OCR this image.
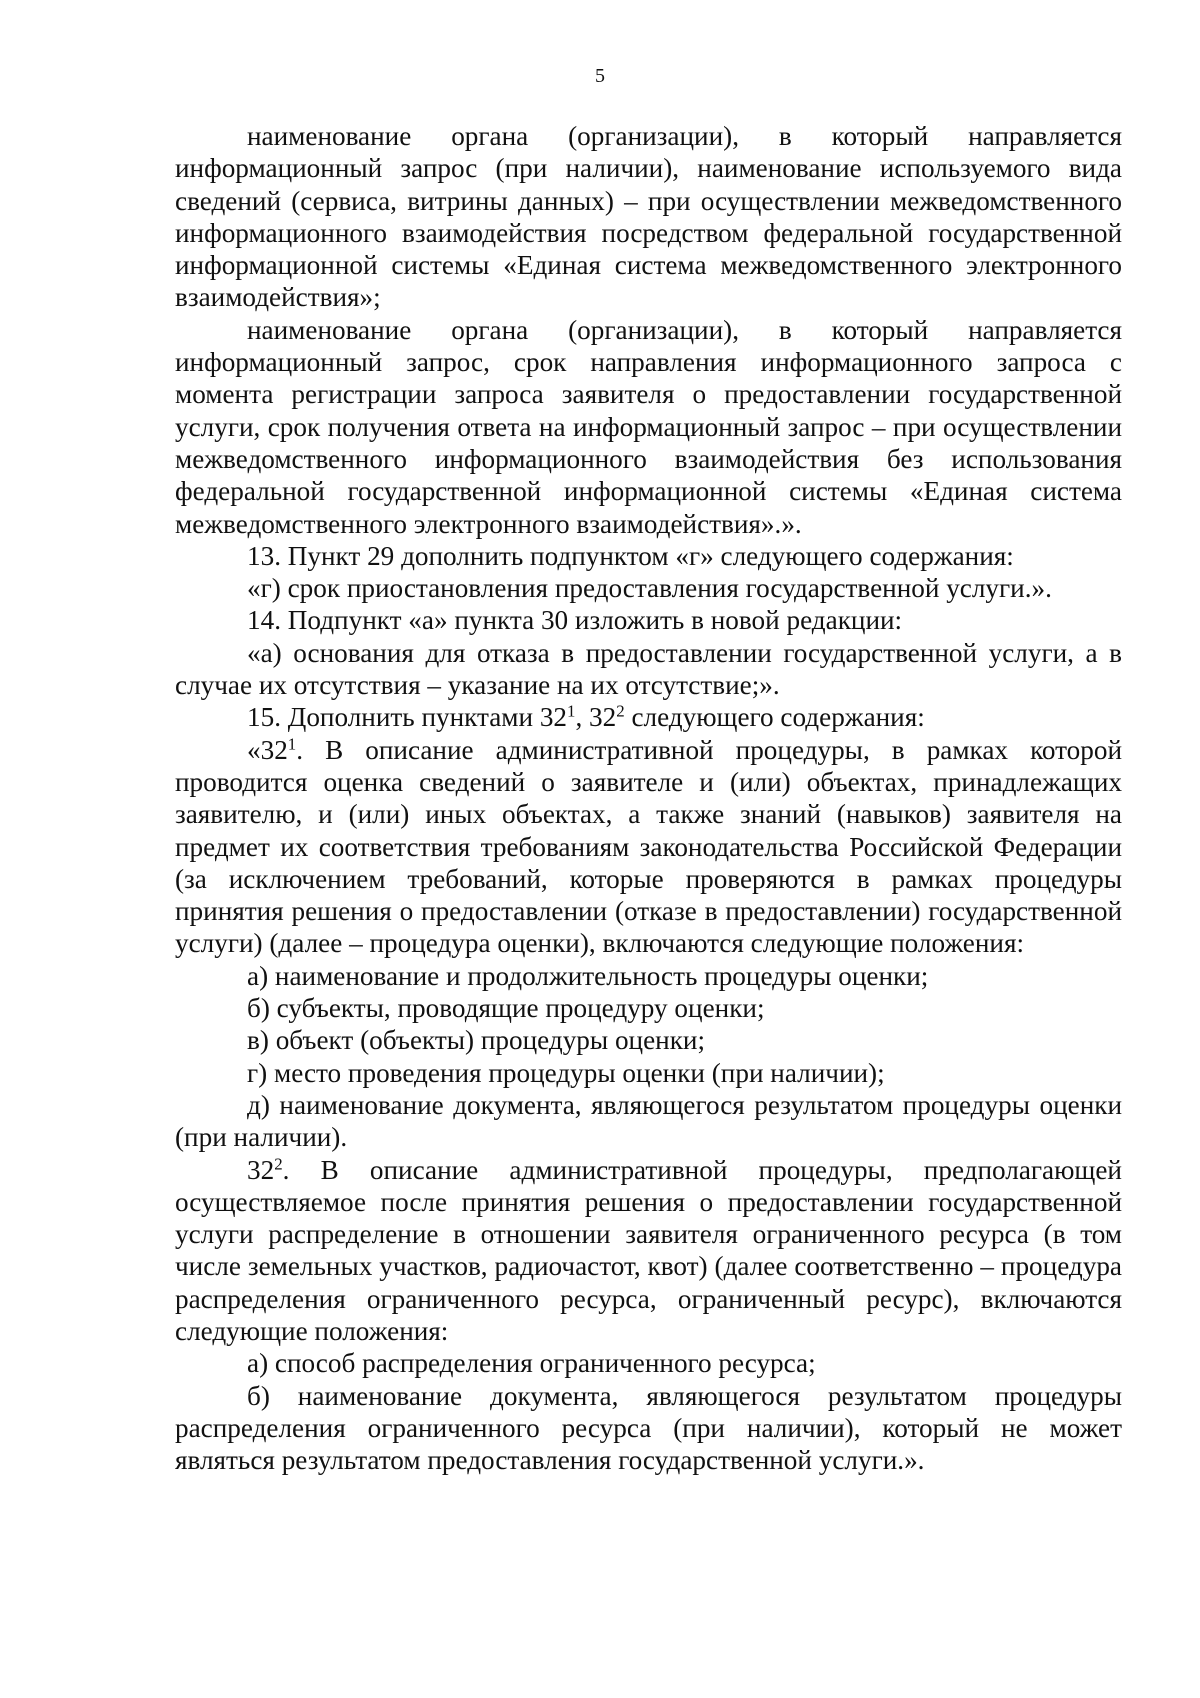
5

наименование органа (организации), в который направляется информационный запрос (при наличии), наименование используемого вида сведений (сервиса, витрины данных) – при осуществлении межведомственного информационного взаимодействия посредством федеральной государственной информационной системы «Единая система межведомственного электронного взаимодействия»;

наименование органа (организации), в который направляется информационный запрос, срок направления информационного запроса с момента регистрации запроса заявителя о предоставлении государственной услуги, срок получения ответа на информационный запрос – при осуществлении межведомственного информационного взаимодействия без использования федеральной государственной информационной системы «Единая система межведомственного электронного взаимодействия».».

13. Пункт 29 дополнить подпунктом «г» следующего содержания:

«г) срок приостановления предоставления государственной услуги.».

14. Подпункт «а» пункта 30 изложить в новой редакции:

«а) основания для отказа в предоставлении государственной услуги, а в случае их отсутствия – указание на их отсутствие;».

15. Дополнить пунктами $32^1$, $32^2$ следующего содержания:

«$32^1$. В описание административной процедуры, в рамках которой проводится оценка сведений о заявителе и (или) объектах, принадлежащих заявителю, и (или) иных объектах, а также знаний (навыков) заявителя на предмет их соответствия требованиям законодательства Российской Федерации (за исключением требований, которые проверяются в рамках процедуры принятия решения о предоставлении (отказе в предоставлении) государственной услуги) (далее – процедура оценки), включаются следующие положения:

а) наименование и продолжительность процедуры оценки;

б) субъекты, проводящие процедуру оценки;

в) объект (объекты) процедуры оценки;

г) место проведения процедуры оценки (при наличии);

д) наименование документа, являющегося результатом процедуры оценки (при наличии).

$32^2$. В описание административной процедуры, предполагающей осуществляемое после принятия решения о предоставлении государственной услуги распределение в отношении заявителя ограниченного ресурса (в том числе земельных участков, радиочастот, квот) (далее соответственно – процедура распределения ограниченного ресурса, ограниченный ресурс), включаются следующие положения:

а) способ распределения ограниченного ресурса;

б) наименование документа, являющегося результатом процедуры распределения ограниченного ресурса (при наличии), который не может являться результатом предоставления государственной услуги.».
